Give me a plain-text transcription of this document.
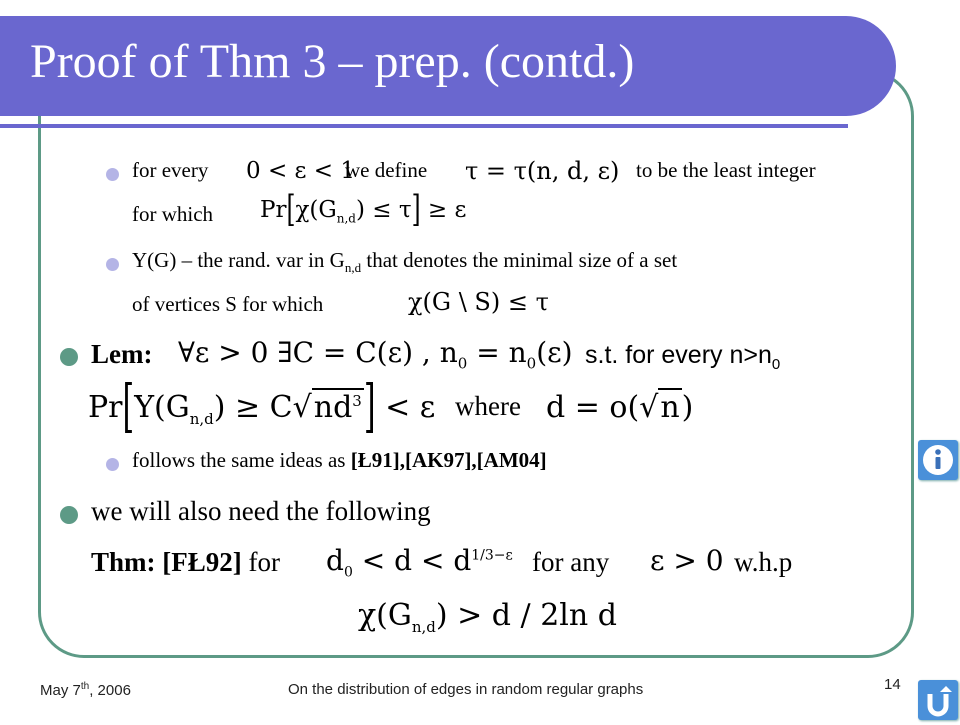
Proof of Thm 3 – prep. (contd.)
for every 0 < ε < 1
we define τ = τ(n, d, ε) to be the least integer
for which $Pr[\chi(G_{n,d}) \le \tau] \ge \varepsilon$
Y(G) – the rand. var in $G_{n,d}$ that denotes the minimal size of a set
of vertices S for which	χ(G \ S) ≤ τ
Lem: ∀ε > 0 ∃C = C(ε) , $n_0 = n_0(\varepsilon)$ s.t. for every $n>n_0$
$Pr[Y(G_{n,d}) \ge C√nd^3] < \varepsilon$ where d = o(√n)
follows the same ideas as [Ł91],[AK97],[AM04]
we will also need the following
Thm: [FŁ92] for $d_0 < d < d^{1/3-\varepsilon}$ for any ε > 0 w.h.p
$\chi(G_{n,d}) > d / 2\ln$ d
May 7th, 2006	On the distribution of edges in random regular graphs	14
